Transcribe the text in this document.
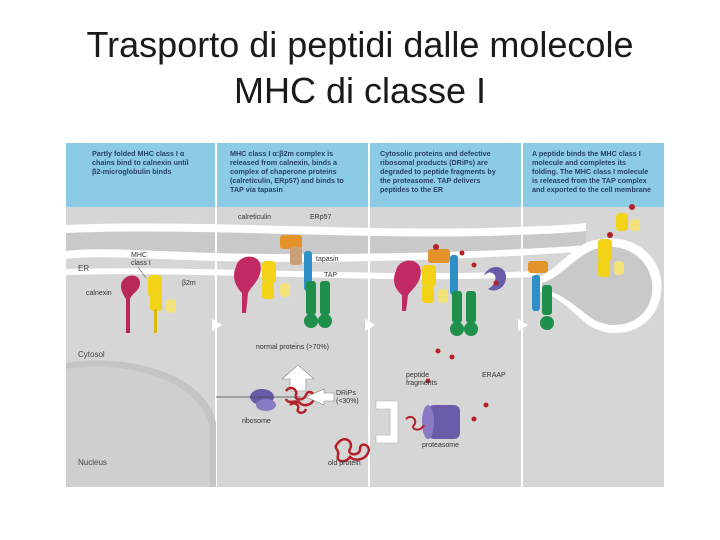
Trasporto di peptidi dalle molecole
MHC di classe I
Partly folded MHC class I α chains bind to calnexin until β2-microglobulin binds
MHC class I α:β2m complex is released from calnexin, binds a complex of chaperone proteins (calreticulin, ERp57) and binds to TAP via tapasin
Cytosolic proteins and defective ribosomal products (DRiPs) are degraded to peptide fragments by the proteasome. TAP delivers peptides to the ER
A peptide binds the MHC class I molecule and completes its folding. The MHC class I molecule is released from the TAP complex and exported to the cell membrane
ER
Cytosol
Nucleus
MHC
class I
calnexin
β2m
calreticulin	ERp57
tapasin
TAP
normal proteins (>70%)
ribosome
DRiPs
(<30%)
old protein
ERAAP
peptide
fragments
proteasome
